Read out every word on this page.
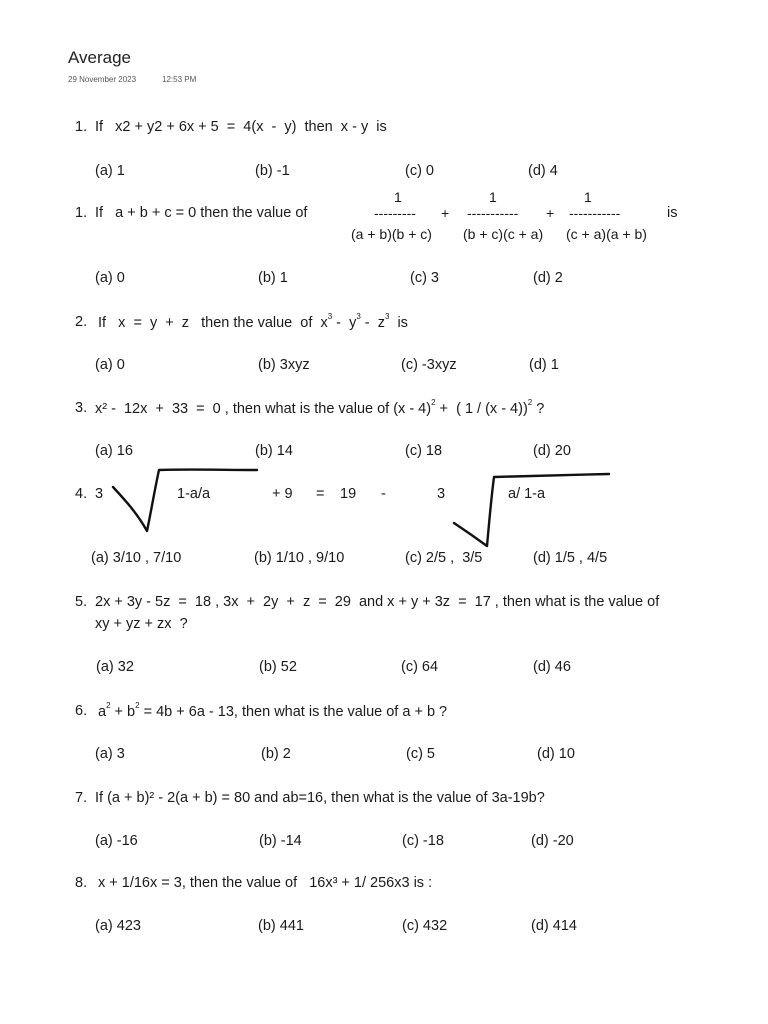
Average
29 November 2023	12:53 PM
1. If   x2 + y2 + 6x + 5  =  4(x  -  y)  then  x - y  is
(a) 1	(b) -1	(c) 0	(d) 4
1. If   a + b + c = 0 then the value of
1
---------
(a + b)(b + c)
+
1
-----------
(b + c)(c + a)
+
1
-----------
(c + a)(a + b)
is
(a) 0	(b) 1	(c) 3	(d) 2
2. If   x  =  y  +  z   then the value  of  $x^3 - y^3 - z^3$  is
(a) 0	(b) 3xyz	(c) -3xyz	(d) 1
3. x² -  12x  +  33  =  0 , then what is the value of (x - 4)$^2$ +  ( 1 / (x - 4))$^2$ ?
(a) 16	(b) 14	(c) 18	(d) 20
4. 3	1-a/a	+ 9 = 19 -	3	a/ 1-a
(a) 3/10 , 7/10	(b) 1/10 , 9/10	(c) 2/5 ,  3/5	(d) 1/5 , 4/5
5. 2x + 3y - 5z  =  18 , 3x  +  2y  +  z  =  29  and x + y + 3z  =  17 , then what is the value of
xy + yz + zx  ?
(a) 32	(b) 52	(c) 64	(d) 46
6. $a^2 + b^2 = 4b + 6a - 13$, then what is the value of a + b ?
(a) 3	(b) 2	(c) 5	(d) 10
7. If (a + b)² - 2(a + b) = 80 and ab=16, then what is the value of 3a-19b?
(a) -16	(b) -14	(c) -18	(d) -20
8. x + 1/16x = 3, then the value of   16x³ + 1/ 256x3 is :
(a) 423	(b) 441	(c) 432	(d) 414
